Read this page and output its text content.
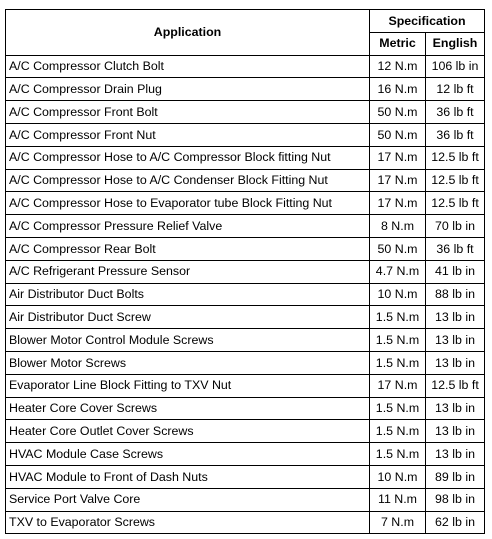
Application	Specification	
	Metric	English
A/C Compressor Clutch Bolt	12 N.m	106 lb in
A/C Compressor Drain Plug	16 N.m	12 lb ft
A/C Compressor Front Bolt	50 N.m	36 lb ft
A/C Compressor Front Nut	50 N.m	36 lb ft
A/C Compressor Hose to A/C Compressor Block fitting Nut	17 N.m	12.5 lb ft
A/C Compressor Hose to A/C Condenser Block Fitting Nut	17 N.m	12.5 lb ft
A/C Compressor Hose to Evaporator tube Block Fitting Nut	17 N.m	12.5 lb ft
A/C Compressor Pressure Relief Valve	8 N.m	70 lb in
A/C Compressor Rear Bolt	50 N.m	36 lb ft
A/C Refrigerant Pressure Sensor	4.7 N.m	41 lb in
Air Distributor Duct Bolts	10 N.m	88 lb in
Air Distributor Duct Screw	1.5 N.m	13 lb in
Blower Motor Control Module Screws	1.5 N.m	13 lb in
Blower Motor Screws	1.5 N.m	13 lb in
Evaporator Line Block Fitting to TXV Nut	17 N.m	12.5 lb ft
Heater Core Cover Screws	1.5 N.m	13 lb in
Heater Core Outlet Cover Screws	1.5 N.m	13 lb in
HVAC Module Case Screws	1.5 N.m	13 lb in
HVAC Module to Front of Dash Nuts	10 N.m	89 lb in
Service Port Valve Core	11 N.m	98 lb in
TXV to Evaporator Screws	7 N.m	62 lb in
